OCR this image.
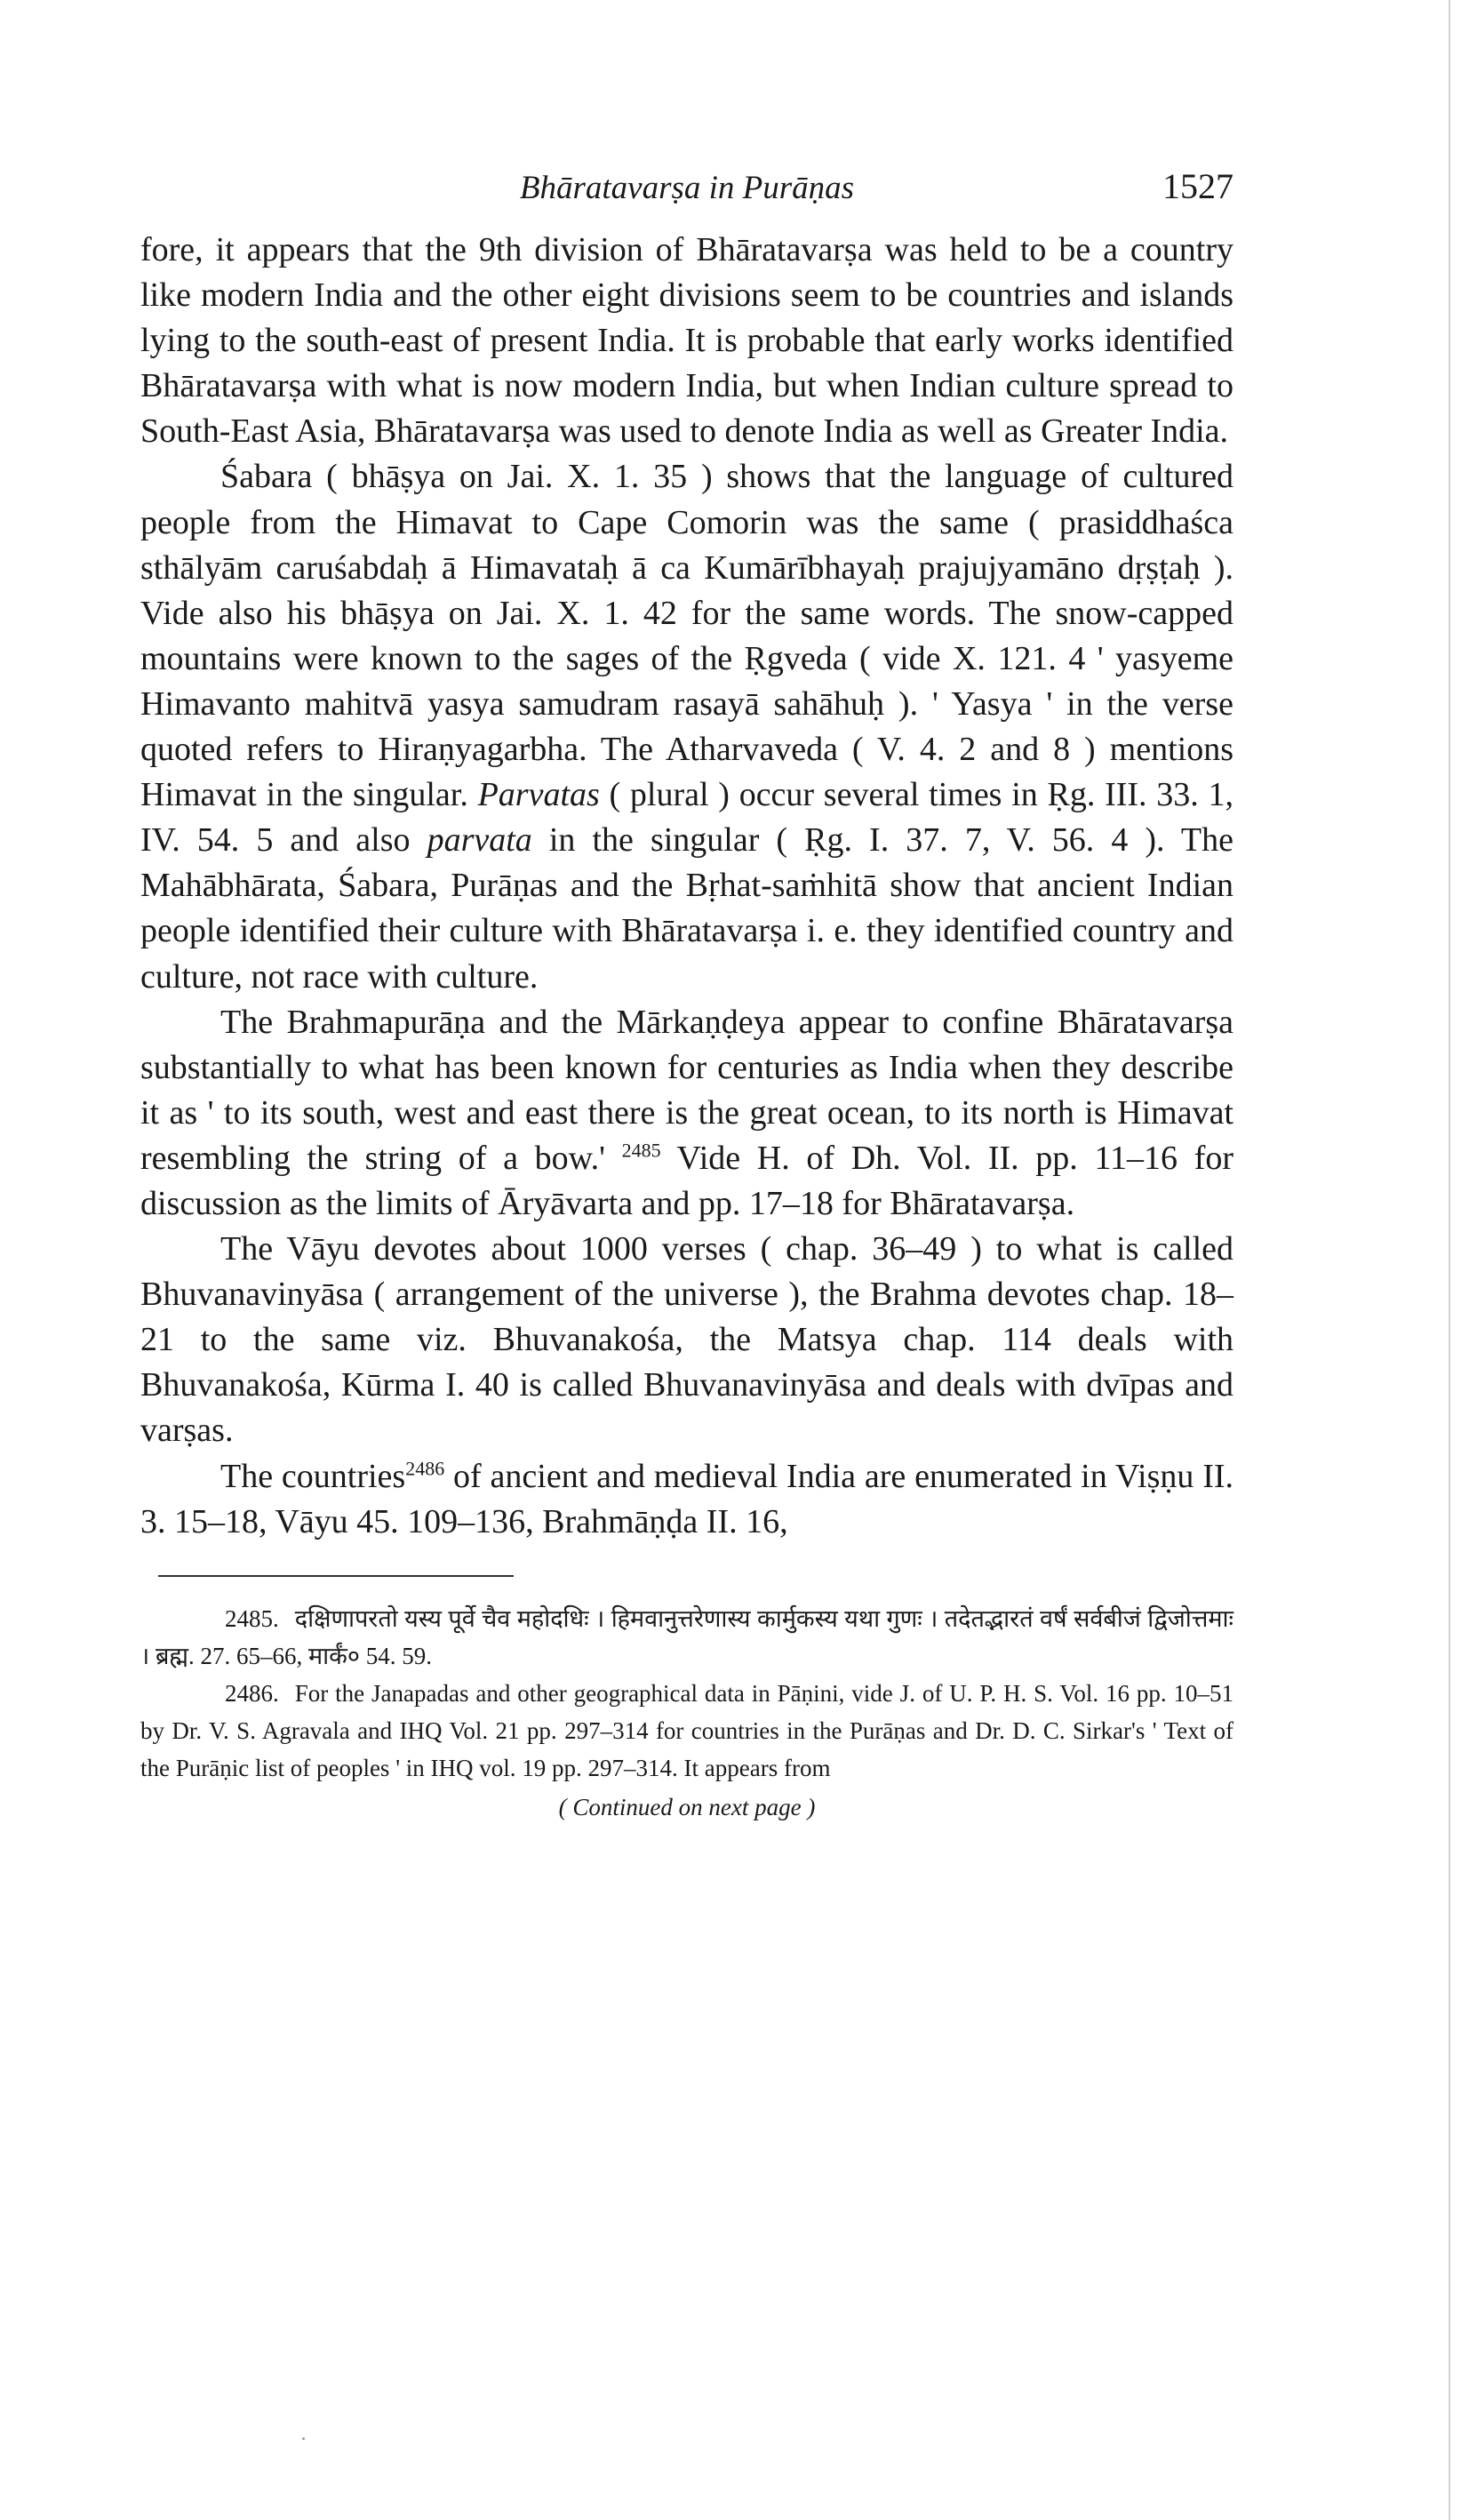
Bhāratavarṣa in Purāṇas	1527

fore, it appears that the 9th division of Bhāratavarṣa was held to be a country like modern India and the other eight divisions seem to be countries and islands lying to the south-east of present India. It is probable that early works identified Bhāratavarṣa with what is now modern India, but when Indian culture spread to South-East Asia, Bhāratavarṣa was used to denote India as well as Greater India.

Śabara ( bhāṣya on Jai. X. 1. 35 ) shows that the language of cultured people from the Himavat to Cape Comorin was the same ( prasiddhaśca sthālyām caruśabdaḥ ā Himavataḥ ā ca Kumārībhayaḥ prajujyamāno dṛṣṭaḥ ). Vide also his bhāṣya on Jai. X. 1. 42 for the same words. The snow-capped mountains were known to the sages of the Ṛgveda ( vide X. 121. 4 ' yasyeme Himavanto mahitvā yasya samudram rasayā sahāhuḥ ). ' Yasya ' in the verse quoted refers to Hiraṇyagarbha. The Atharvaveda ( V. 4. 2 and 8 ) mentions Himavat in the singular. Parvatas ( plural ) occur several times in Ṛg. III. 33. 1, IV. 54. 5 and also parvata in the singular ( Ṛg. I. 37. 7, V. 56. 4 ). The Mahābhārata, Śabara, Purāṇas and the Bṛhat-saṁhitā show that ancient Indian people identified their culture with Bhāratavarṣa i. e. they identified country and culture, not race with culture.

The Brahmapurāṇa and the Mārkaṇḍeya appear to confine Bhāratavarṣa substantially to what has been known for centuries as India when they describe it as ' to its south, west and east there is the great ocean, to its north is Himavat resembling the string of a bow.' $^{2485}$ Vide H. of Dh. Vol. II. pp. 11–16 for discussion as the limits of Āryāvarta and pp. 17–18 for Bhāratavarṣa.

The Vāyu devotes about 1000 verses ( chap. 36–49 ) to what is called Bhuvanavinyāsa ( arrangement of the universe ), the Brahma devotes chap. 18–21 to the same viz. Bhuvanakośa, the Matsya chap. 114 deals with Bhuvanakośa, Kūrma I. 40 is called Bhuvanavinyāsa and deals with dvīpas and varṣas.

The countries$^{2486}$ of ancient and medieval India are enumerated in Viṣṇu II. 3. 15–18, Vāyu 45. 109–136, Brahmāṇḍa II. 16,

2485. दक्षिणापरतो यस्य पूर्वे चैव महोदधिः । हिमवानुत्तरेणास्य कार्मुकस्य यथा गुणः । तदेतद्भारतं वर्षं सर्वबीजं द्विजोत्तमाः । ब्रह्म. 27. 65–66, मार्कं० 54. 59.

2486. For the Janapadas and other geographical data in Pāṇini, vide J. of U. P. H. S. Vol. 16 pp. 10–51 by Dr. V. S. Agravala and IHQ Vol. 21 pp. 297–314 for countries in the Purāṇas and Dr. D. C. Sirkar's ' Text of the Purāṇic list of peoples ' in IHQ vol. 19 pp. 297–314. It appears from

( Continued on next page )
